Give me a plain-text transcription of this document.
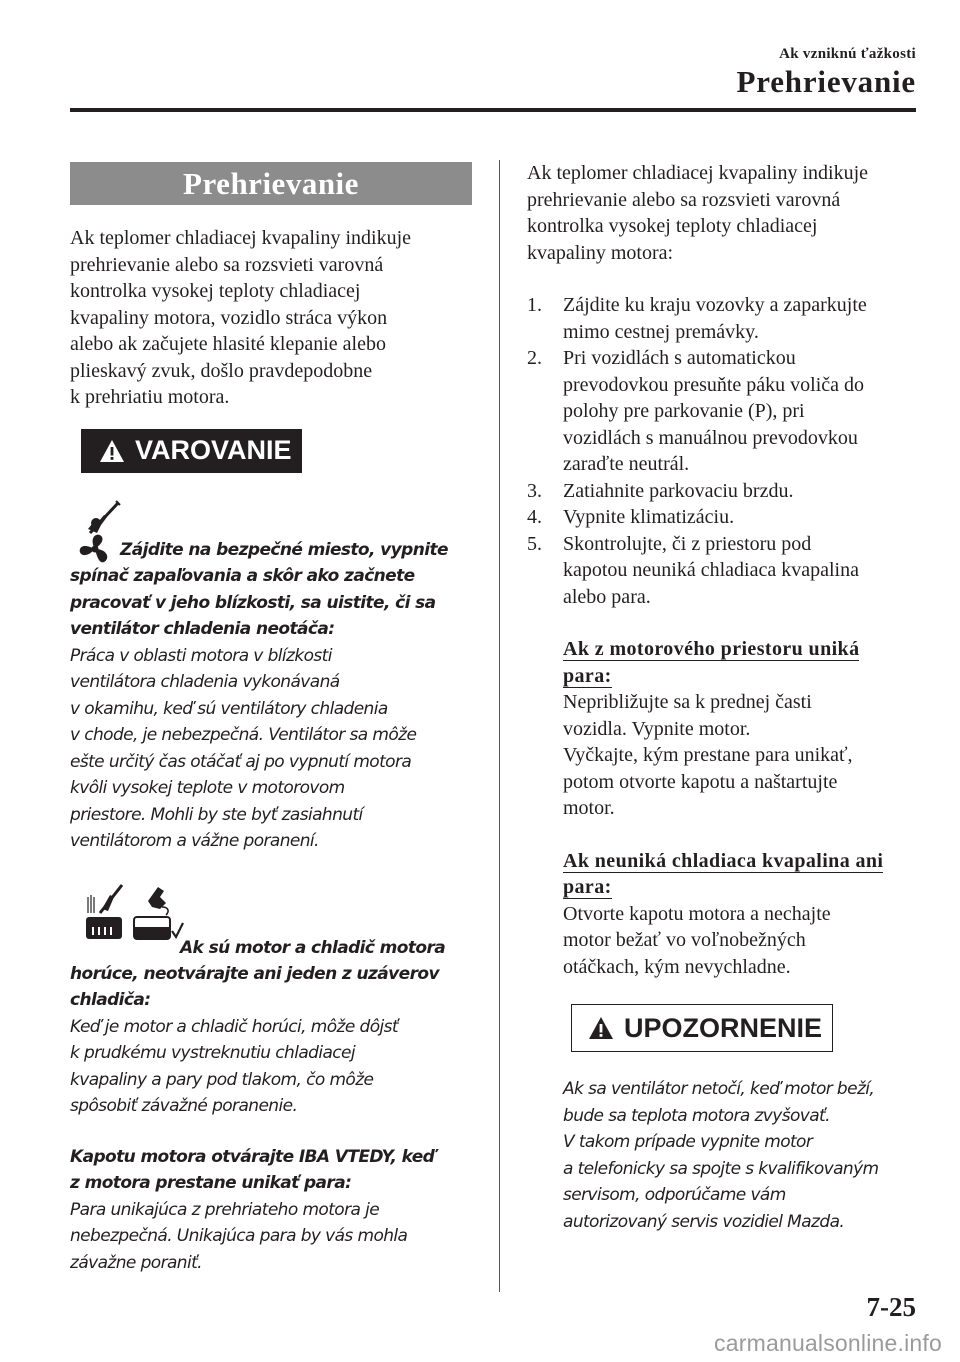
Ak vzniknú ťažkosti
Prehrievanie
Prehrievanie

Ak teplomer chladiacej kvapaliny indikuje

prehrievanie alebo sa rozsvieti varovná

kontrolka vysokej teploty chladiacej

kvapaliny motora, vozidlo stráca výkon

alebo ak začujete hlasité klepanie alebo

plieskavý zvuk, došlo pravdepodobne

k prehriatiu motora.

VAROVANIE

Zájdite na bezpečné miesto, vypnite

spínač zapaľovania a skôr ako začnete

pracovať v jeho blízkosti, sa uistite, či sa

ventilátor chladenia neotáča:

Práca v oblasti motora v blízkosti

ventilátora chladenia vykonávaná

v okamihu, keď sú ventilátory chladenia

v chode, je nebezpečná. Ventilátor sa môže

ešte určitý čas otáčať aj po vypnutí motora

kvôli vysokej teplote v motorovom

priestore. Mohli by ste byť zasiahnutí

ventilátorom a vážne poranení.

Ak sú motor a chladič motora

horúce, neotvárajte ani jeden z uzáverov

chladiča:

Keď je motor a chladič horúci, môže dôjsť

k prudkému vystreknutiu chladiacej

kvapaliny a pary pod tlakom, čo môže

spôsobiť závažné poranenie.

Kapotu motora otvárajte IBA VTEDY, keď

z motora prestane unikať para:

Para unikajúca z prehriateho motora je

nebezpečná. Unikajúca para by vás mohla

závažne poraniť.

Ak teplomer chladiacej kvapaliny indikuje

prehrievanie alebo sa rozsvieti varovná

kontrolka vysokej teploty chladiacej

kvapaliny motora:

1. Zájdite ku kraju vozovky a zaparkujte
mimo cestnej premávky.
2. Pri vozidlách s automatickou
prevodovkou presuňte páku voliča do
polohy pre parkovanie (P), pri
vozidlách s manuálnou prevodovkou
zaraďte neutrál.
3. Zatiahnite parkovaciu brzdu.
4. Vypnite klimatizáciu.
5. Skontrolujte, či z priestoru pod
kapotou neuniká chladiaca kvapalina
alebo para.
Ak z motorového priestoru uniká
para:

Nepribližujte sa k prednej časti

vozidla. Vypnite motor.

Vyčkajte, kým prestane para unikať,

potom otvorte kapotu a naštartujte

motor.

Ak neuniká chladiaca kvapalina ani
para:

Otvorte kapotu motora a nechajte

motor bežať vo voľnobežných

otáčkach, kým nevychladne.

UPOZORNENIE

Ak sa ventilátor netočí, keď motor beží,

bude sa teplota motora zvyšovať.

V takom prípade vypnite motor

a telefonicky sa spojte s kvalifikovaným

servisom, odporúčame vám

autorizovaný servis vozidiel Mazda.

7-25
carmanualsonline.info
